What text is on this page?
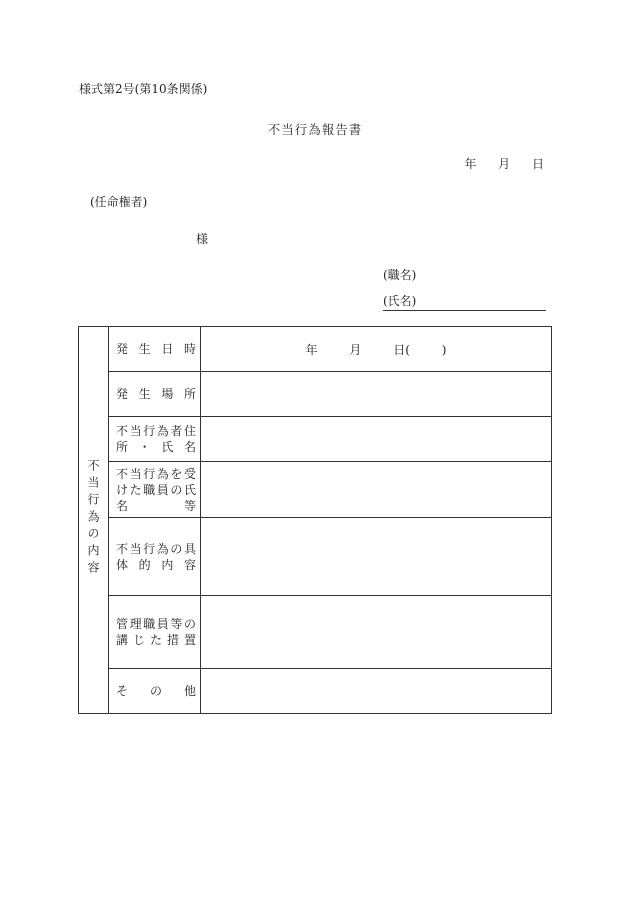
様式第2号(第10条関係)
不当行為報告書
年 月 日
(任命権者)
様
(職名)
(氏名)
不当行為の内容	発 生 日 時	年 月 日( )

	発 生 場 所	

	不当行為者住
所 ・ 氏 名	

	不当行為を受
けた職員の氏
名 等	

	不当行為の具
体 的 内 容	

	管理職員等の
講 じ た 措 置	

	そ の 他	
